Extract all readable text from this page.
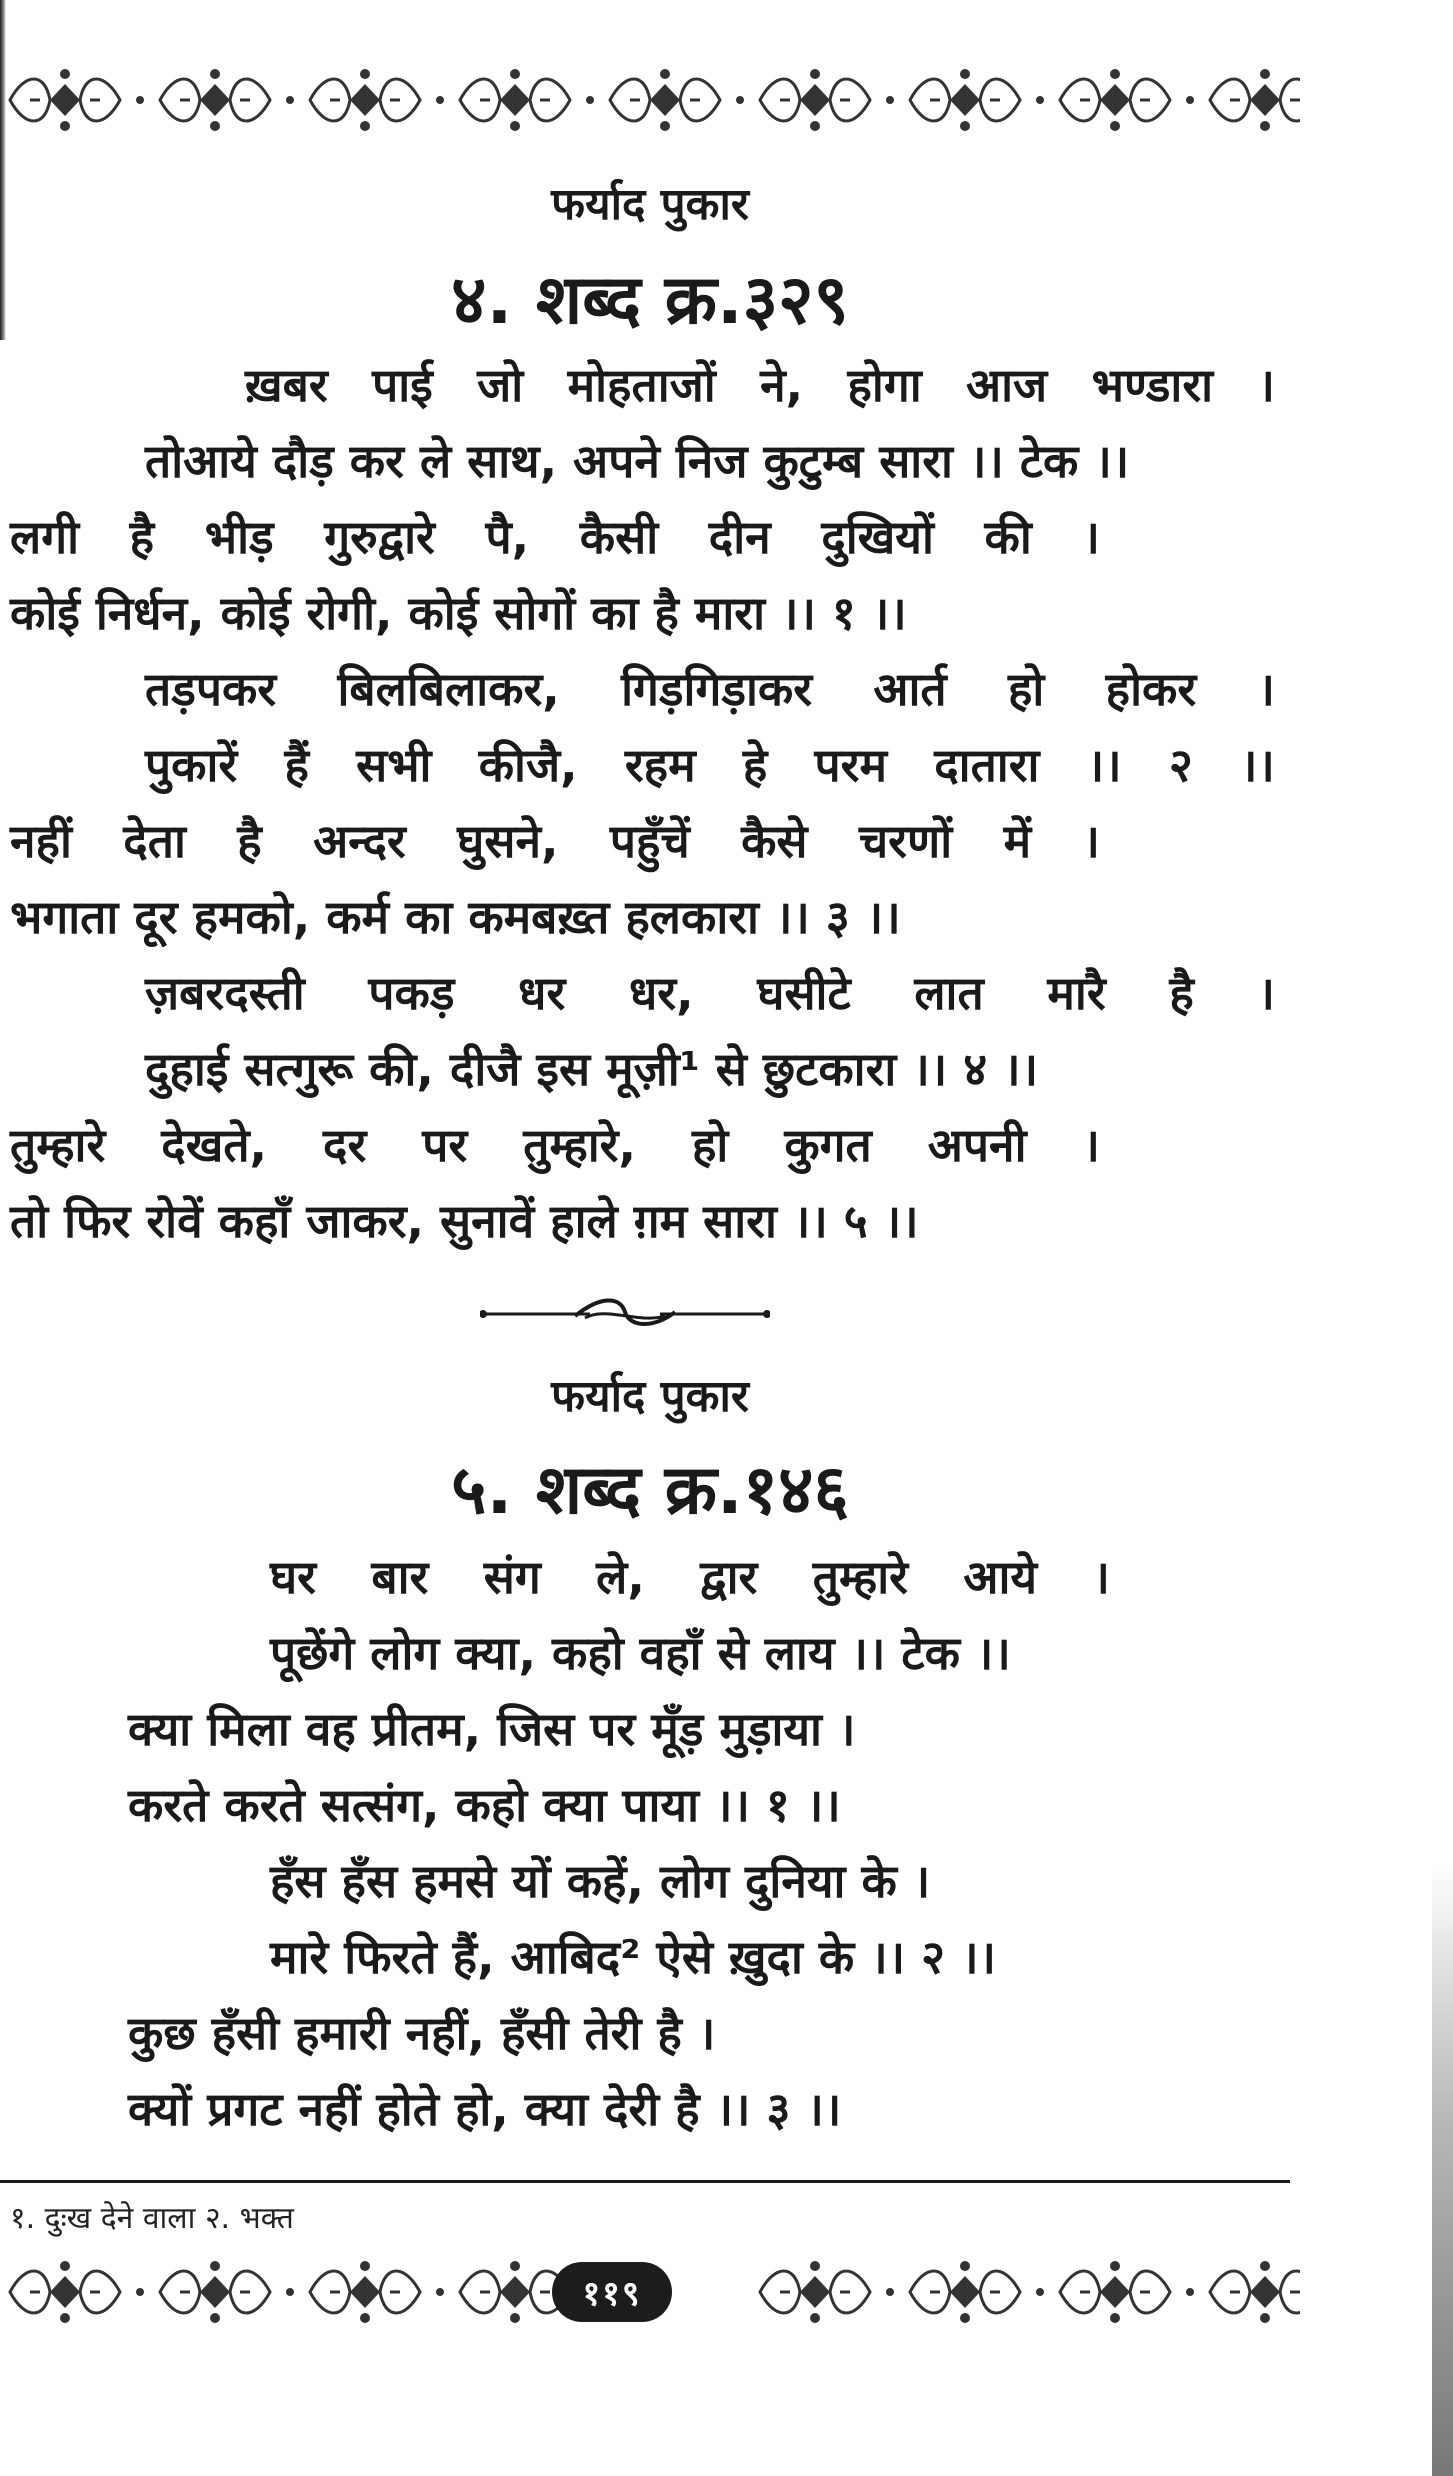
फर्याद पुकार
४. शब्द क्र.३२९
ख़बर पाई जो मोहताजों ने, होगा आज भण्डारा ।
तोआये दौड़ कर ले साथ, अपने निज कुटुम्ब सारा ।। टेक ।।
लगी है भीड़ गुरुद्वारे पै, कैसी दीन दुखियों की ।
कोई निर्धन, कोई रोगी, कोई सोगों का है मारा ।। १ ।।
तड़पकर बिलबिलाकर, गिड़गिड़ाकर आर्त हो होकर ।
पुकारें हैं सभी कीजै, रहम हे परम दातारा ।। २ ।।
नहीं देता है अन्दर घुसने, पहुँचें कैसे चरणों में ।
भगाता दूर हमको, कर्म का कमबख़्त हलकारा ।। ३ ।।
ज़बरदस्ती पकड़ धर धर, घसीटे लात मारै है ।
दुहाई सत्गुरू की, दीजै इस मूज़ी¹ से छुटकारा ।। ४ ।।
तुम्हारे देखते, दर पर तुम्हारे, हो कुगत अपनी ।
तो फिर रोवें कहाँ जाकर, सुनावें हाले ग़म सारा ।। ५ ।।
फर्याद पुकार
५. शब्द क्र.१४६
घर बार संग ले, द्वार तुम्हारे आये ।
पूछेंगे लोग क्या, कहो वहाँ से लाय ।। टेक ।।
क्या मिला वह प्रीतम, जिस पर मूँड़ मुड़ाया ।
करते करते सत्संग, कहो क्या पाया ।। १ ।।
हँस हँस हमसे यों कहें, लोग दुनिया के ।
मारे फिरते हैं, आबिद² ऐसे ख़ुदा के ।। २ ।।
कुछ हँसी हमारी नहीं, हँसी तेरी है ।
क्यों प्रगट नहीं होते हो, क्या देरी है ।। ३ ।।
१. दुःख देने वाला २. भक्त
११९
